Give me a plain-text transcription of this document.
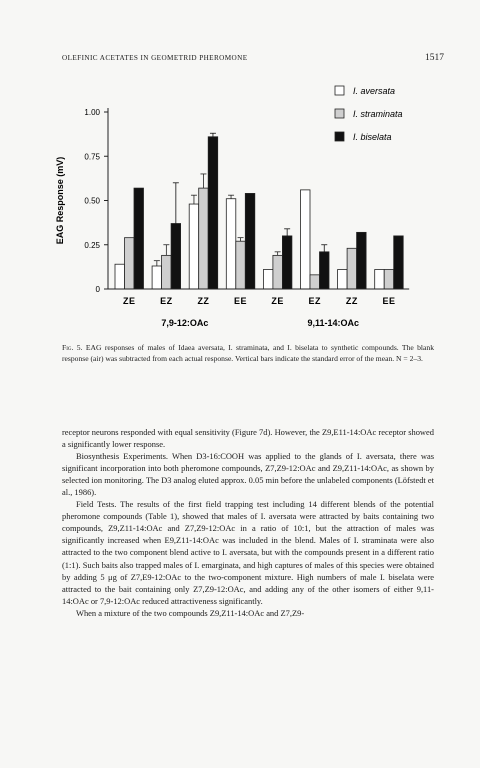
OLEFINIC ACETATES IN GEOMETRID PHEROMONE	1517
0
0.25
0.50
0.75
1.00
EAG Response (mV)
ZE	EZ	ZZ	EE	ZE	EZ	ZZ	EE
7,9-12:OAc	9,11-14:OAc
I. aversata
I. straminata
I. biselata
Fig. 5. EAG responses of males of Idaea aversata, I. straminata, and I. biselata to synthetic compounds. The blank response (air) was subtracted from each actual response. Vertical bars indicate the standard error of the mean. N = 2–3.

receptor neurons responded with equal sensitivity (Figure 7d). However, the Z9,E11-14:OAc receptor showed a significantly lower response.

Biosynthesis Experiments. When D3-16:COOH was applied to the glands of I. aversata, there was significant incorporation into both pheromone compounds, Z7,Z9-12:OAc and Z9,Z11-14:OAc, as shown by selected ion monitoring. The D3 analog eluted approx. 0.05 min before the unlabeled components (Löfstedt et al., 1986).

Field Tests. The results of the first field trapping test including 14 different blends of the potential pheromone compounds (Table 1), showed that males of I. aversata were attracted by baits containing two compounds, Z9,Z11-14:OAc and Z7,Z9-12:OAc in a ratio of 10:1, but the attraction of males was significantly increased when E9,Z11-14:OAc was included in the blend. Males of I. straminata were also attracted to the two component blend active to I. aversata, but with the compounds present in a different ratio (1:1). Such baits also trapped males of I. emarginata, and high captures of males of this species were obtained by adding 5 μg of Z7,E9-12:OAc to the two-component mixture. High numbers of male I. biselata were attracted to the bait containing only Z7,Z9-12:OAc, and adding any of the other isomers of either 9,11-14:OAc or 7,9-12:OAc reduced attractiveness significantly.

When a mixture of the two compounds Z9,Z11-14:OAc and Z7,Z9-
